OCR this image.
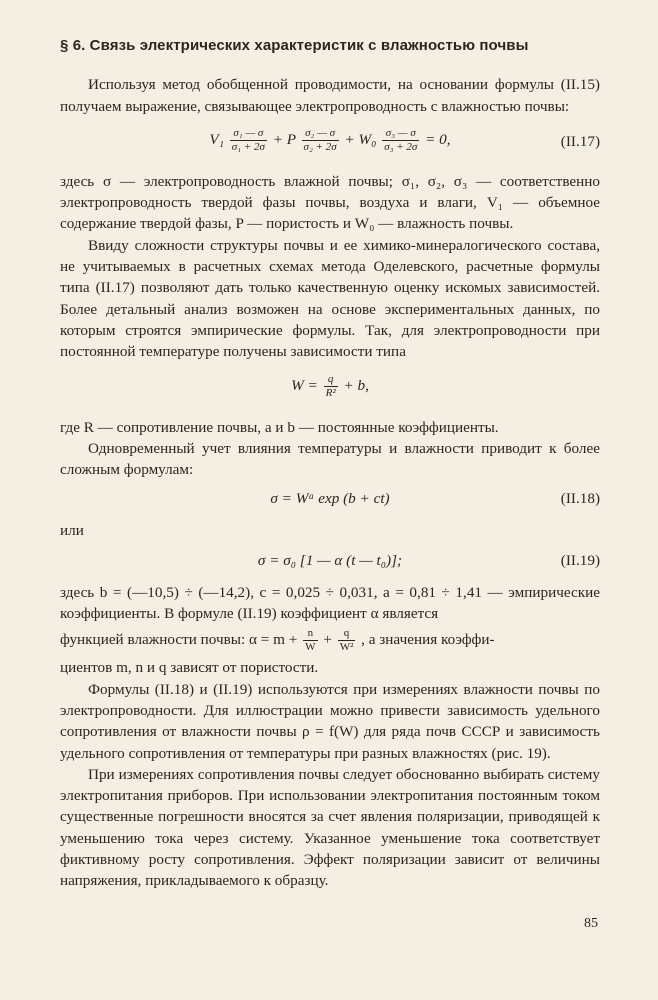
§ 6. Связь электрических характеристик с влажностью почвы

Используя метод обобщенной проводимости, на основании формулы (II.15) получаем выражение, связывающее электропроводность с влажностью почвы:

$V_1 \frac{\text{σ₁ — σ}}{\text{σ₁ + 2σ}} + P \frac{\text{σ₂ — σ}}{\text{σ₂ + 2σ}} + W_0 \frac{\text{σ₃ — σ}}{\text{σ₃ + 2σ}} = 0$,	(II.17)

здесь σ — электропроводность влажной почвы; σ₁, σ₂, σ₃ — соответственно электропроводность твердой фазы почвы, воздуха и влаги, V₁ — объемное содержание твердой фазы, P — пористость и W₀ — влажность почвы.

Ввиду сложности структуры почвы и ее химико-минералогического состава, не учитываемых в расчетных схемах метода Оделевского, расчетные формулы типа (II.17) позволяют дать только качественную оценку искомых зависимостей. Более детальный анализ возможен на основе экспериментальных данных, по которым строятся эмпирические формулы. Так, для электропроводности при постоянной температуре получены зависимости типа

$W = \frac{q}{\text{R²}} + b$,

где R — сопротивление почвы, a и b — постоянные коэффициенты.

Одновременный учет влияния температуры и влажности приводит к более сложным формулам:

σ = Wᵃ exp (b + ct)	(II.18)

или

σ = σ₀ [1 — α (t — t₀)];	(II.19)

здесь b = (—10,5) ÷ (—14,2), c = 0,025 ÷ 0,031, a = 0,81 ÷ 1,41 — эмпирические коэффициенты. В формуле (II.19) коэффициент α является

функцией влажности почвы: $\alpha = m + \frac{n}{W} + \frac{q}{\text{W²}}$ , а значения коэффи-

циентов m, n и q зависят от пористости.

Формулы (II.18) и (II.19) используются при измерениях влажности почвы по электропроводности. Для иллюстрации можно привести зависимость удельного сопротивления от влажности почвы ρ = f(W) для ряда почв СССР и зависимость удельного сопротивления от температуры при разных влажностях (рис. 19).

При измерениях сопротивления почвы следует обоснованно выбирать систему электропитания приборов. При использовании электропитания постоянным током существенные погрешности вносятся за счет явления поляризации, приводящей к уменьшению тока через систему. Указанное уменьшение тока соответствует фиктивному росту сопротивления. Эффект поляризации зависит от величины напряжения, прикладываемого к образцу.

85
